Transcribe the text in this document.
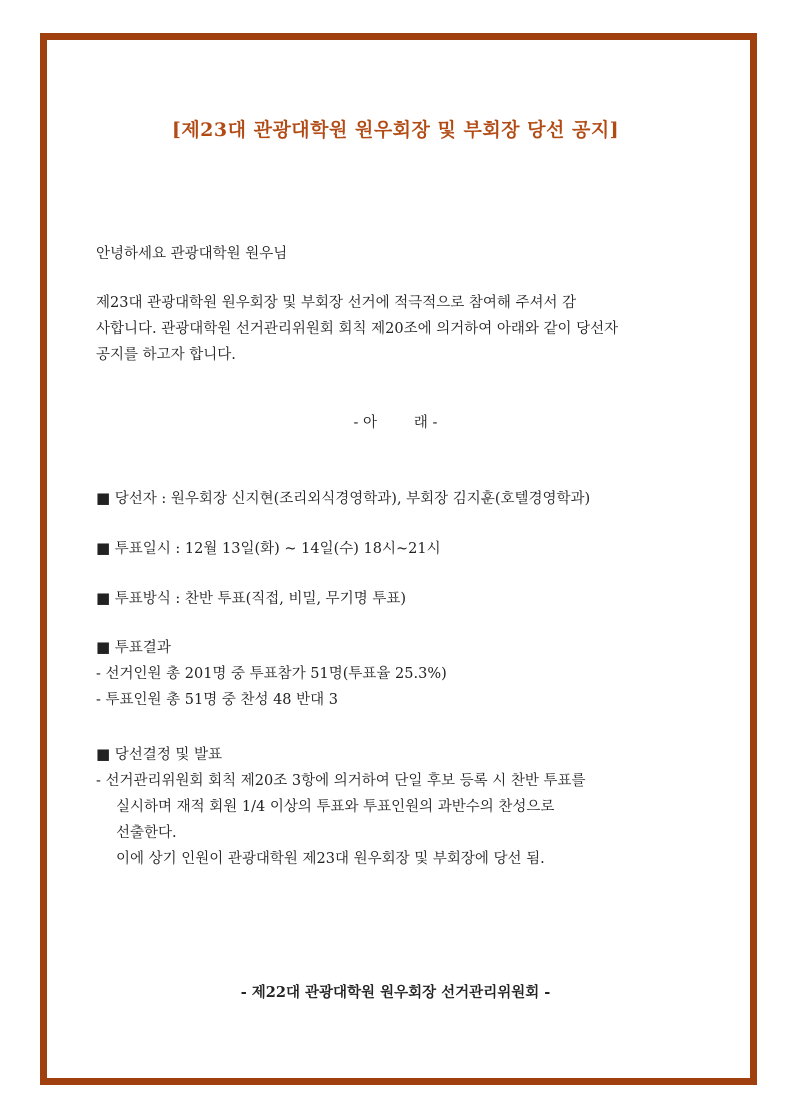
[제23대 관광대학원 원우회장 및 부회장 당선 공지]
안녕하세요 관광대학원 원우님
제23대 관광대학원 원우회장 및 부회장 선거에 적극적으로 참여해 주셔서 감
사합니다. 관광대학원 선거관리위원회 회칙 제20조에 의거하여 아래와 같이 당선자
공지를 하고자 합니다.
- 아        래 -
■ 당선자 : 원우회장 신지현(조리외식경영학과), 부회장 김지훈(호텔경영학과)
■ 투표일시 : 12월 13일(화) ~ 14일(수) 18시~21시
■ 투표방식 : 찬반 투표(직접, 비밀, 무기명 투표)
■ 투표결과
- 선거인원 총 201명 중 투표참가 51명(투표율 25.3%)
- 투표인원 총 51명 중 찬성 48 반대 3
■ 당선결정 및 발표
- 선거관리위원회 회칙 제20조 3항에 의거하여 단일 후보 등록 시 찬반 투표를
실시하며 재적 회원 1/4 이상의 투표와 투표인원의 과반수의 찬성으로
선출한다.
이에 상기 인원이 관광대학원 제23대 원우회장 및 부회장에 당선 됨.
- 제22대 관광대학원 원우회장 선거관리위원회 -
